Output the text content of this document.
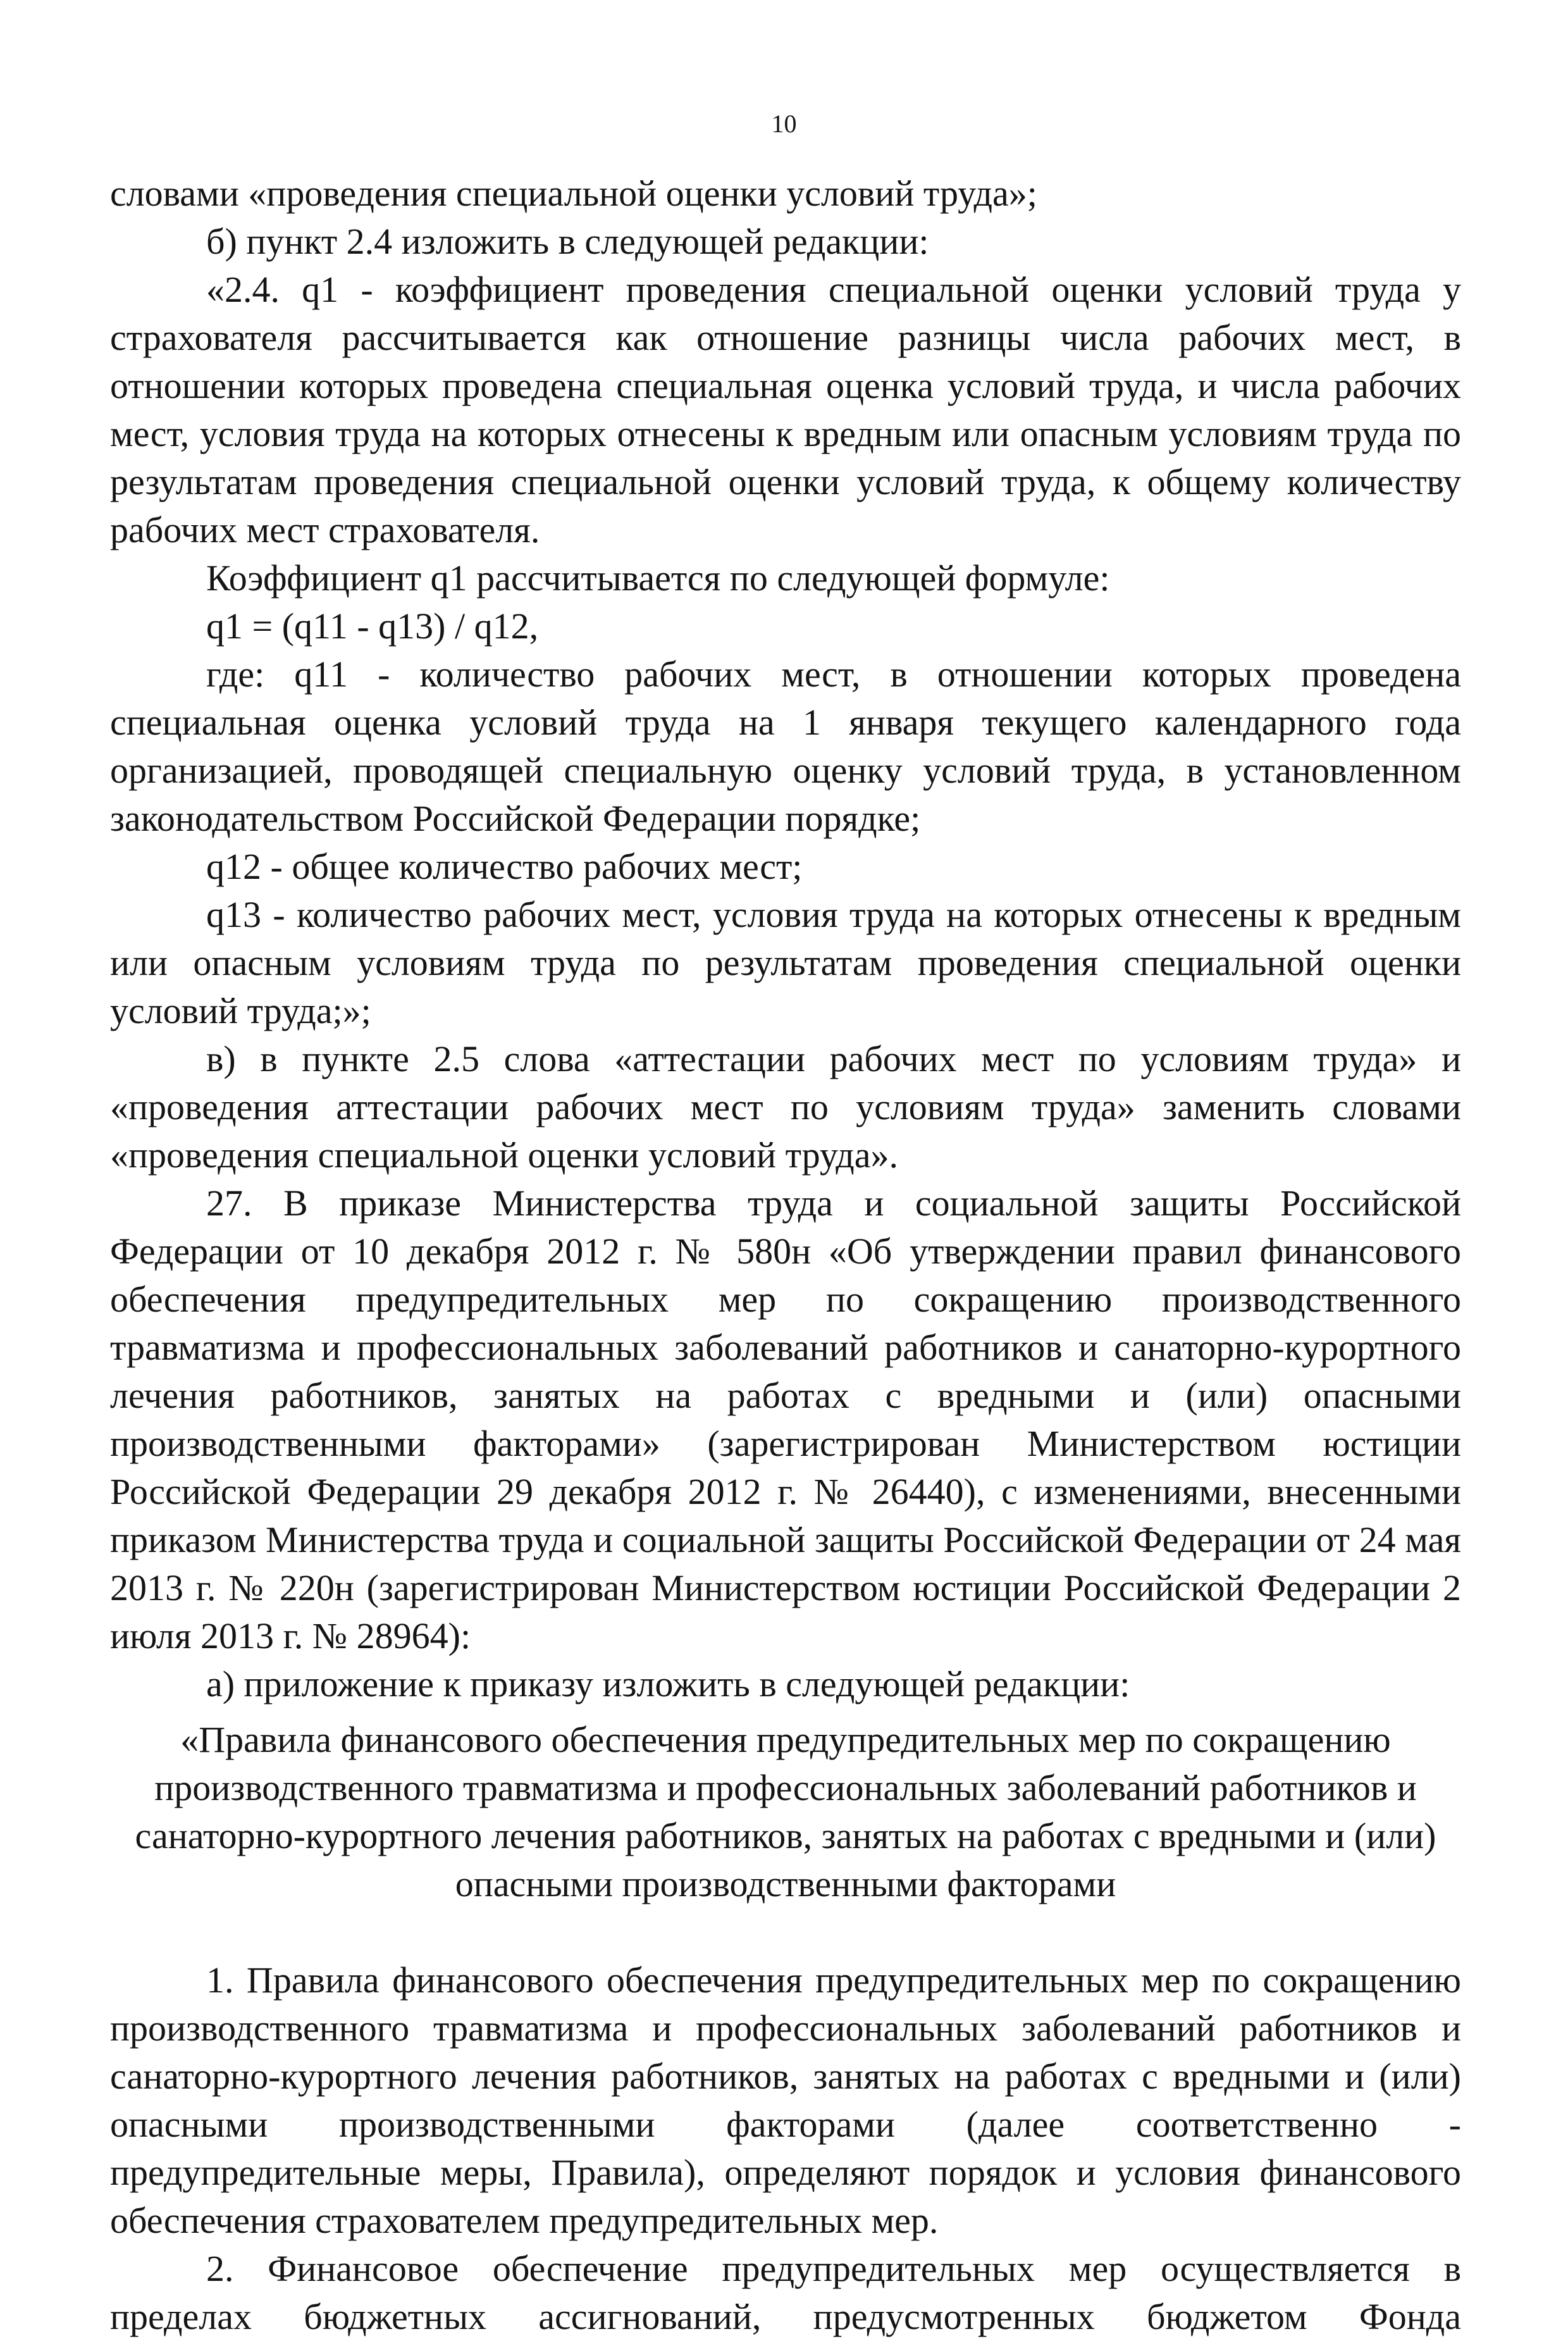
10

словами «проведения специальной оценки условий труда»;

б) пункт 2.4 изложить в следующей редакции:

«2.4. q1 - коэффициент проведения специальной оценки условий труда у страхователя рассчитывается как отношение разницы числа рабочих мест, в отношении которых проведена специальная оценка условий труда, и числа рабочих мест, условия труда на которых отнесены к вредным или опасным условиям труда по результатам проведения специальной оценки условий труда, к общему количеству рабочих мест страхователя.

Коэффициент q1 рассчитывается по следующей формуле:

q1 = (q11 - q13) / q12,

где: q11 - количество рабочих мест, в отношении которых проведена специальная оценка условий труда на 1 января текущего календарного года организацией, проводящей специальную оценку условий труда, в установленном законодательством Российской Федерации порядке;

q12 - общее количество рабочих мест;

q13 - количество рабочих мест, условия труда на которых отнесены к вредным или опасным условиям труда по результатам проведения специальной оценки условий труда;»;

в) в пункте 2.5 слова «аттестации рабочих мест по условиям труда» и «проведения аттестации рабочих мест по условиям труда» заменить словами «проведения специальной оценки условий труда».

27. В приказе Министерства труда и социальной защиты Российской Федерации от 10 декабря 2012 г. № 580н «Об утверждении правил финансового обеспечения предупредительных мер по сокращению производственного травматизма и профессиональных заболеваний работников и санаторно-курортного лечения работников, занятых на работах с вредными и (или) опасными производственными факторами» (зарегистрирован Министерством юстиции Российской Федерации 29 декабря 2012 г. № 26440), с изменениями, внесенными приказом Министерства труда и социальной защиты Российской Федерации от 24 мая 2013 г. № 220н (зарегистрирован Министерством юстиции Российской Федерации 2 июля 2013 г. № 28964):

а) приложение к приказу изложить в следующей редакции:

«Правила финансового обеспечения предупредительных мер по сокращению производственного травматизма и профессиональных заболеваний работников и санаторно-курортного лечения работников, занятых на работах с вредными и (или) опасными производственными факторами

1. Правила финансового обеспечения предупредительных мер по сокращению производственного травматизма и профессиональных заболеваний работников и санаторно-курортного лечения работников, занятых на работах с вредными и (или) опасными производственными факторами (далее соответственно - предупредительные меры, Правила), определяют порядок и условия финансового обеспечения страхователем предупредительных мер.

2. Финансовое обеспечение предупредительных мер осуществляется в пределах бюджетных ассигнований, предусмотренных бюджетом Фонда
